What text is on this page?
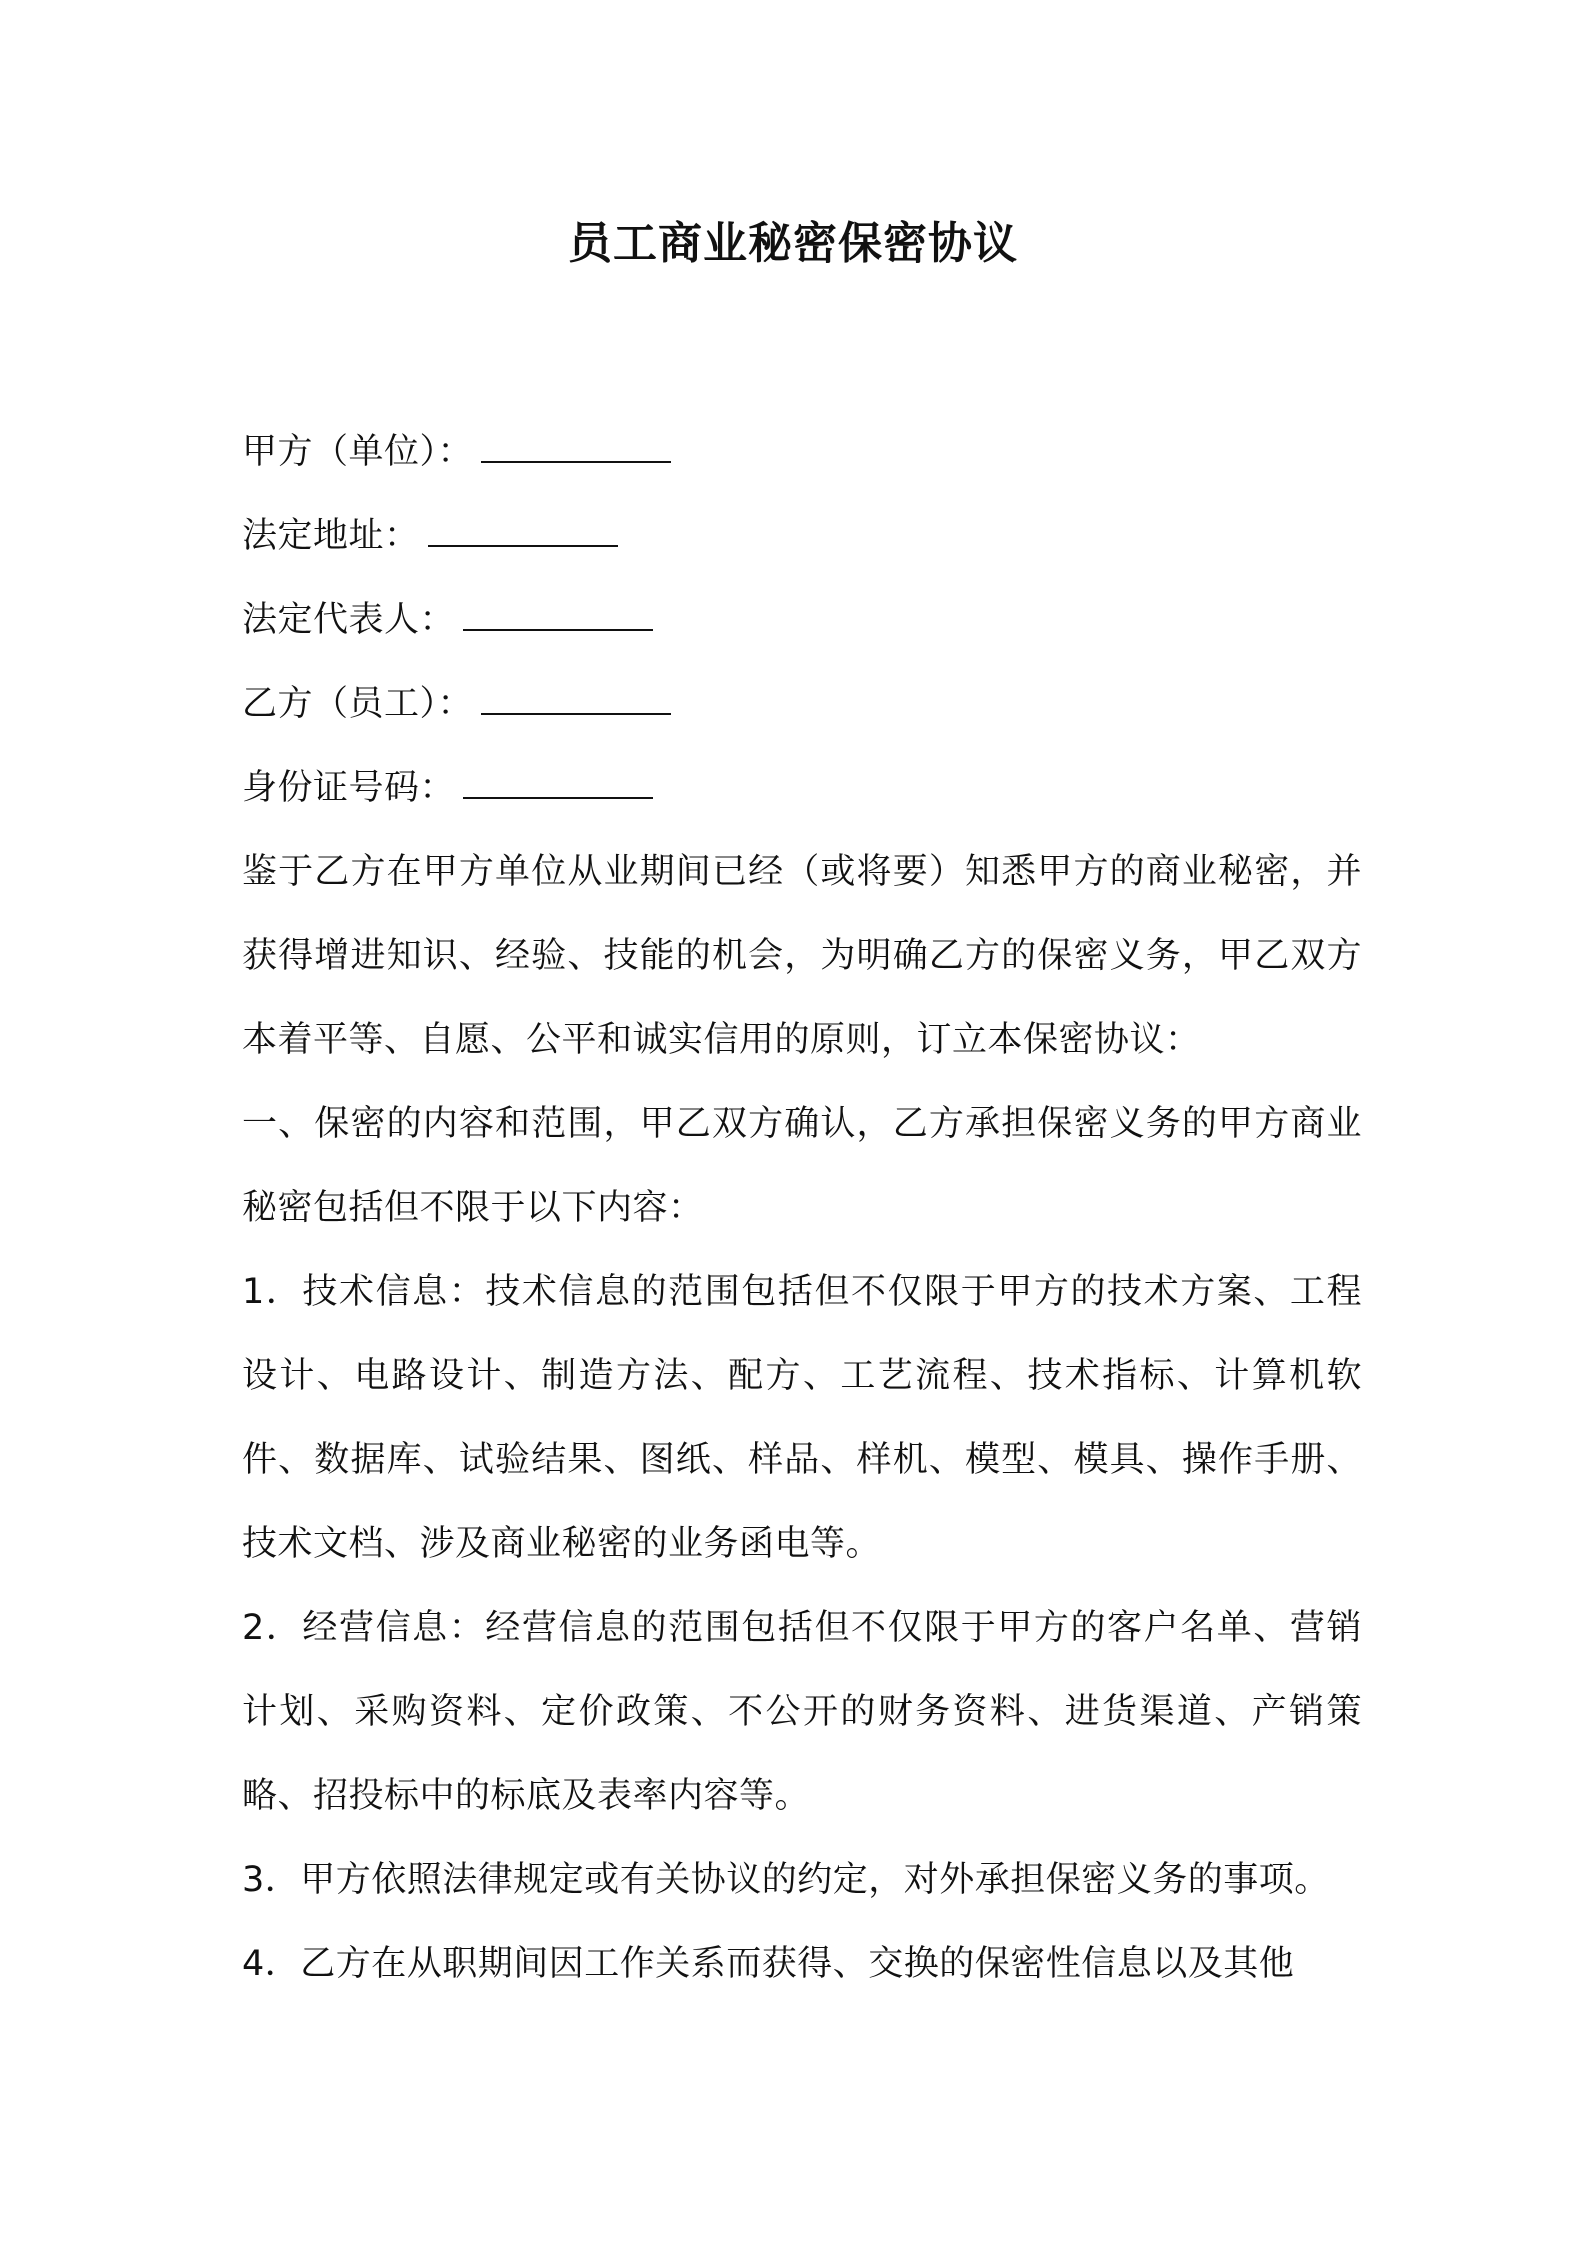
员工商业秘密保密协议

甲方（单位）：

法定地址：

法定代表人：

乙方（员工）：

身份证号码：

鉴于乙方在甲方单位从业期间已经（或将要）知悉甲方的商业秘密，并获得增进知识、经验、技能的机会，为明确乙方的保密义务，甲乙双方本着平等、自愿、公平和诚实信用的原则，订立本保密协议：

一、保密的内容和范围，甲乙双方确认，乙方承担保密义务的甲方商业秘密包括但不限于以下内容：

1．技术信息：技术信息的范围包括但不仅限于甲方的技术方案、工程设计、电路设计、制造方法、配方、工艺流程、技术指标、计算机软件、数据库、试验结果、图纸、样品、样机、模型、模具、操作手册、技术文档、涉及商业秘密的业务函电等。

2．经营信息：经营信息的范围包括但不仅限于甲方的客户名单、营销计划、采购资料、定价政策、不公开的财务资料、进货渠道、产销策略、招投标中的标底及表率内容等。

3．甲方依照法律规定或有关协议的约定，对外承担保密义务的事项。

4．乙方在从职期间因工作关系而获得、交换的保密性信息以及其他
